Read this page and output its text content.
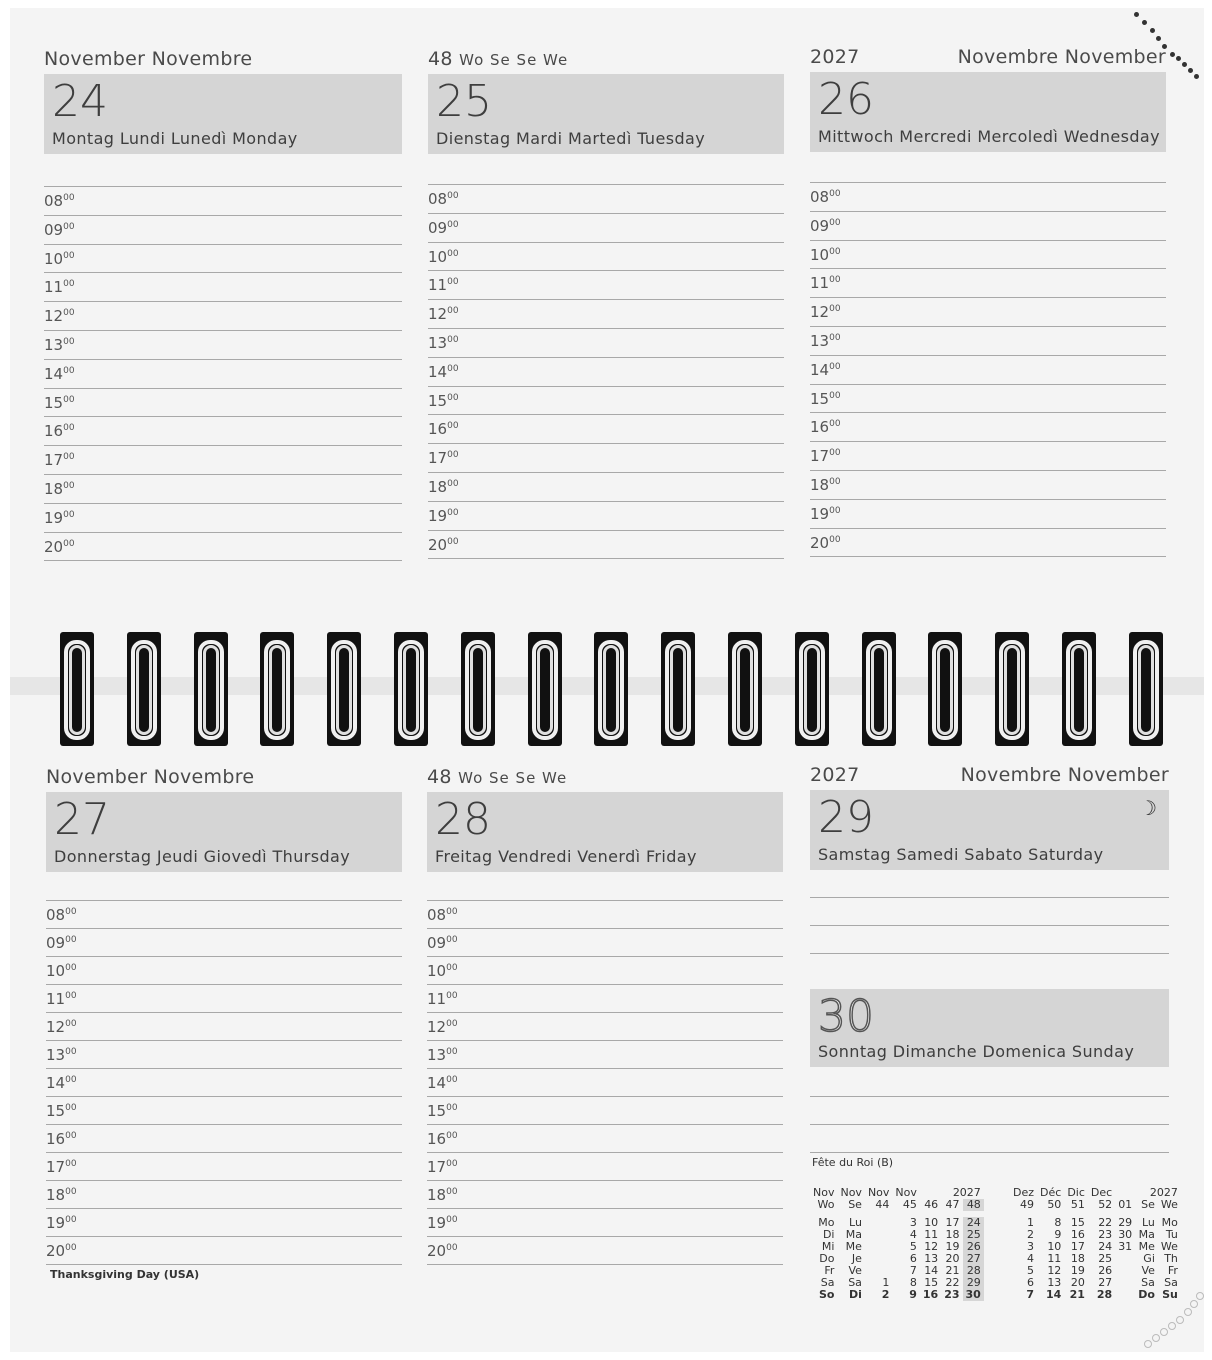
November Novembre
24
Montag Lundi Lunedì Monday
$08^{00}$
$09^{00}$
$10^{00}$
$11^{00}$
$12^{00}$
$13^{00}$
$14^{00}$
$15^{00}$
$16^{00}$
$17^{00}$
$18^{00}$
$19^{00}$
$20^{00}$
48 Wo Se Se We
25
Dienstag Mardi Martedì Tuesday
$08^{00}$
$09^{00}$
$10^{00}$
$11^{00}$
$12^{00}$
$13^{00}$
$14^{00}$
$15^{00}$
$16^{00}$
$17^{00}$
$18^{00}$
$19^{00}$
$20^{00}$
2027	Novembre November
26
Mittwoch Mercredi Mercoledì Wednesday
$08^{00}$
$09^{00}$
$10^{00}$
$11^{00}$
$12^{00}$
$13^{00}$
$14^{00}$
$15^{00}$
$16^{00}$
$17^{00}$
$18^{00}$
$19^{00}$
$20^{00}$
November Novembre
27
Donnerstag Jeudi Giovedì Thursday
$08^{00}$
$09^{00}$
$10^{00}$
$11^{00}$
$12^{00}$
$13^{00}$
$14^{00}$
$15^{00}$
$16^{00}$
$17^{00}$
$18^{00}$
$19^{00}$
$20^{00}$
Thanksgiving Day (USA)
48 Wo Se Se We
28
Freitag Vendredi Venerdì Friday
$08^{00}$
$09^{00}$
$10^{00}$
$11^{00}$
$12^{00}$
$13^{00}$
$14^{00}$
$15^{00}$
$16^{00}$
$17^{00}$
$18^{00}$
$19^{00}$
$20^{00}$
2027	Novembre November
29
Samstag Samedi Sabato Saturday
☽
30
Sonntag Dimanche Domenica Sunday
Fête du Roi (B)
Nov	Nov	Nov	Nov		2027	
Wo	Se	44	45	46	47	48

Mo	Lu		3	10	17	24
Di	Ma		4	11	18	25
Mi	Me		5	12	19	26
Do	Je		6	13	20	27
Fr	Ve		7	14	21	28
Sa	Sa	1	8	15	22	29
So	Di	2	9	16	23	30
Dez	Déc	Dic	Dec	2027		
49	50	51	52	01	Se	We

1	8	15	22	29	Lu	Mo
2	9	16	23	30	Ma	Tu
3	10	17	24	31	Me	We
4	11	18	25		Gi	Th
5	12	19	26		Ve	Fr
6	13	20	27		Sa	Sa
7	14	21	28		Do	Su
